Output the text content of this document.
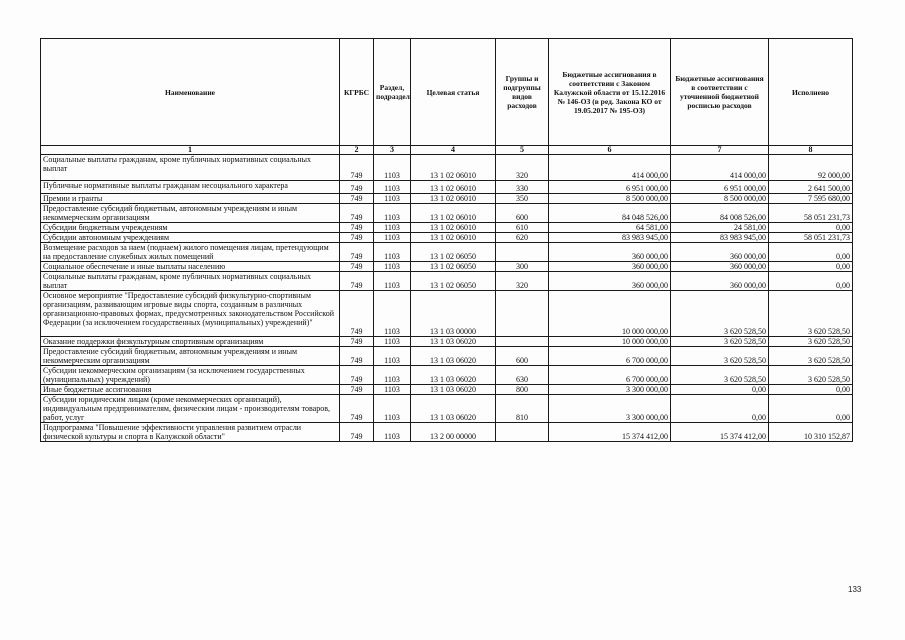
Наименование	КГРБС	Раздел, подраздел	Целевая статья	Группы и подгруппы видов расходов	Бюджетные ассигнования в соответствии с Законом Калужской области от 15.12.2016 № 146-ОЗ (в ред. Закона КО от 19.05.2017 № 195-ОЗ)	Бюджетные ассигнования в соответствии с уточненной бюджетной росписью расходов	Исполнено
1	2	3	4	5	6	7	8
Социальные выплаты гражданам, кроме публичных нормативных социальных выплат	749	1103	13 1 02 06010	320	414 000,00	414 000,00	92 000,00
Публичные нормативные выплаты гражданам несоциального характера	749	1103	13 1 02 06010	330	6 951 000,00	6 951 000,00	2 641 500,00
Премии и гранты	749	1103	13 1 02 06010	350	8 500 000,00	8 500 000,00	7 595 680,00
Предоставление субсидий бюджетным, автономным учреждениям и иным некоммерческим организациям	749	1103	13 1 02 06010	600	84 048 526,00	84 008 526,00	58 051 231,73
Субсидии бюджетным учреждениям	749	1103	13 1 02 06010	610	64 581,00	24 581,00	0,00
Субсидии автономным учреждениям	749	1103	13 1 02 06010	620	83 983 945,00	83 983 945,00	58 051 231,73
Возмещение расходов за наем (поднаем) жилого помещения лицам, претендующим на предоставление служебных жилых помещений	749	1103	13 1 02 06050		360 000,00	360 000,00	0,00
Социальное обеспечение и иные выплаты населению	749	1103	13 1 02 06050	300	360 000,00	360 000,00	0,00
Социальные выплаты гражданам, кроме публичных нормативных социальных выплат	749	1103	13 1 02 06050	320	360 000,00	360 000,00	0,00
Основное мероприятие "Предоставление субсидий физкультурно-спортивным организациям, развивающим игровые виды спорта, созданным в различных организационно-правовых формах, предусмотренных законодательством Российской Федерации (за исключением государственных (муниципальных) учреждений)"	749	1103	13 1 03 00000		10 000 000,00	3 620 528,50	3 620 528,50
Оказание поддержки физкультурным спортивным организациям	749	1103	13 1 03 06020		10 000 000,00	3 620 528,50	3 620 528,50
Предоставление субсидий бюджетным, автономным учреждениям и иным некоммерческим организациям	749	1103	13 1 03 06020	600	6 700 000,00	3 620 528,50	3 620 528,50
Субсидии некоммерческим организациям (за исключением государственных (муниципальных) учреждений)	749	1103	13 1 03 06020	630	6 700 000,00	3 620 528,50	3 620 528,50
Иные бюджетные ассигнования	749	1103	13 1 03 06020	800	3 300 000,00	0,00	0,00
Субсидии юридическим лицам (кроме некоммерческих организаций), индивидуальным предпринимателям, физическим лицам - производителям товаров, работ, услуг	749	1103	13 1 03 06020	810	3 300 000,00	0,00	0,00
Подпрограмма "Повышение эффективности управления развитием отрасли физической культуры и спорта в Калужской области"	749	1103	13 2 00 00000		15 374 412,00	15 374 412,00	10 310 152,87
133
